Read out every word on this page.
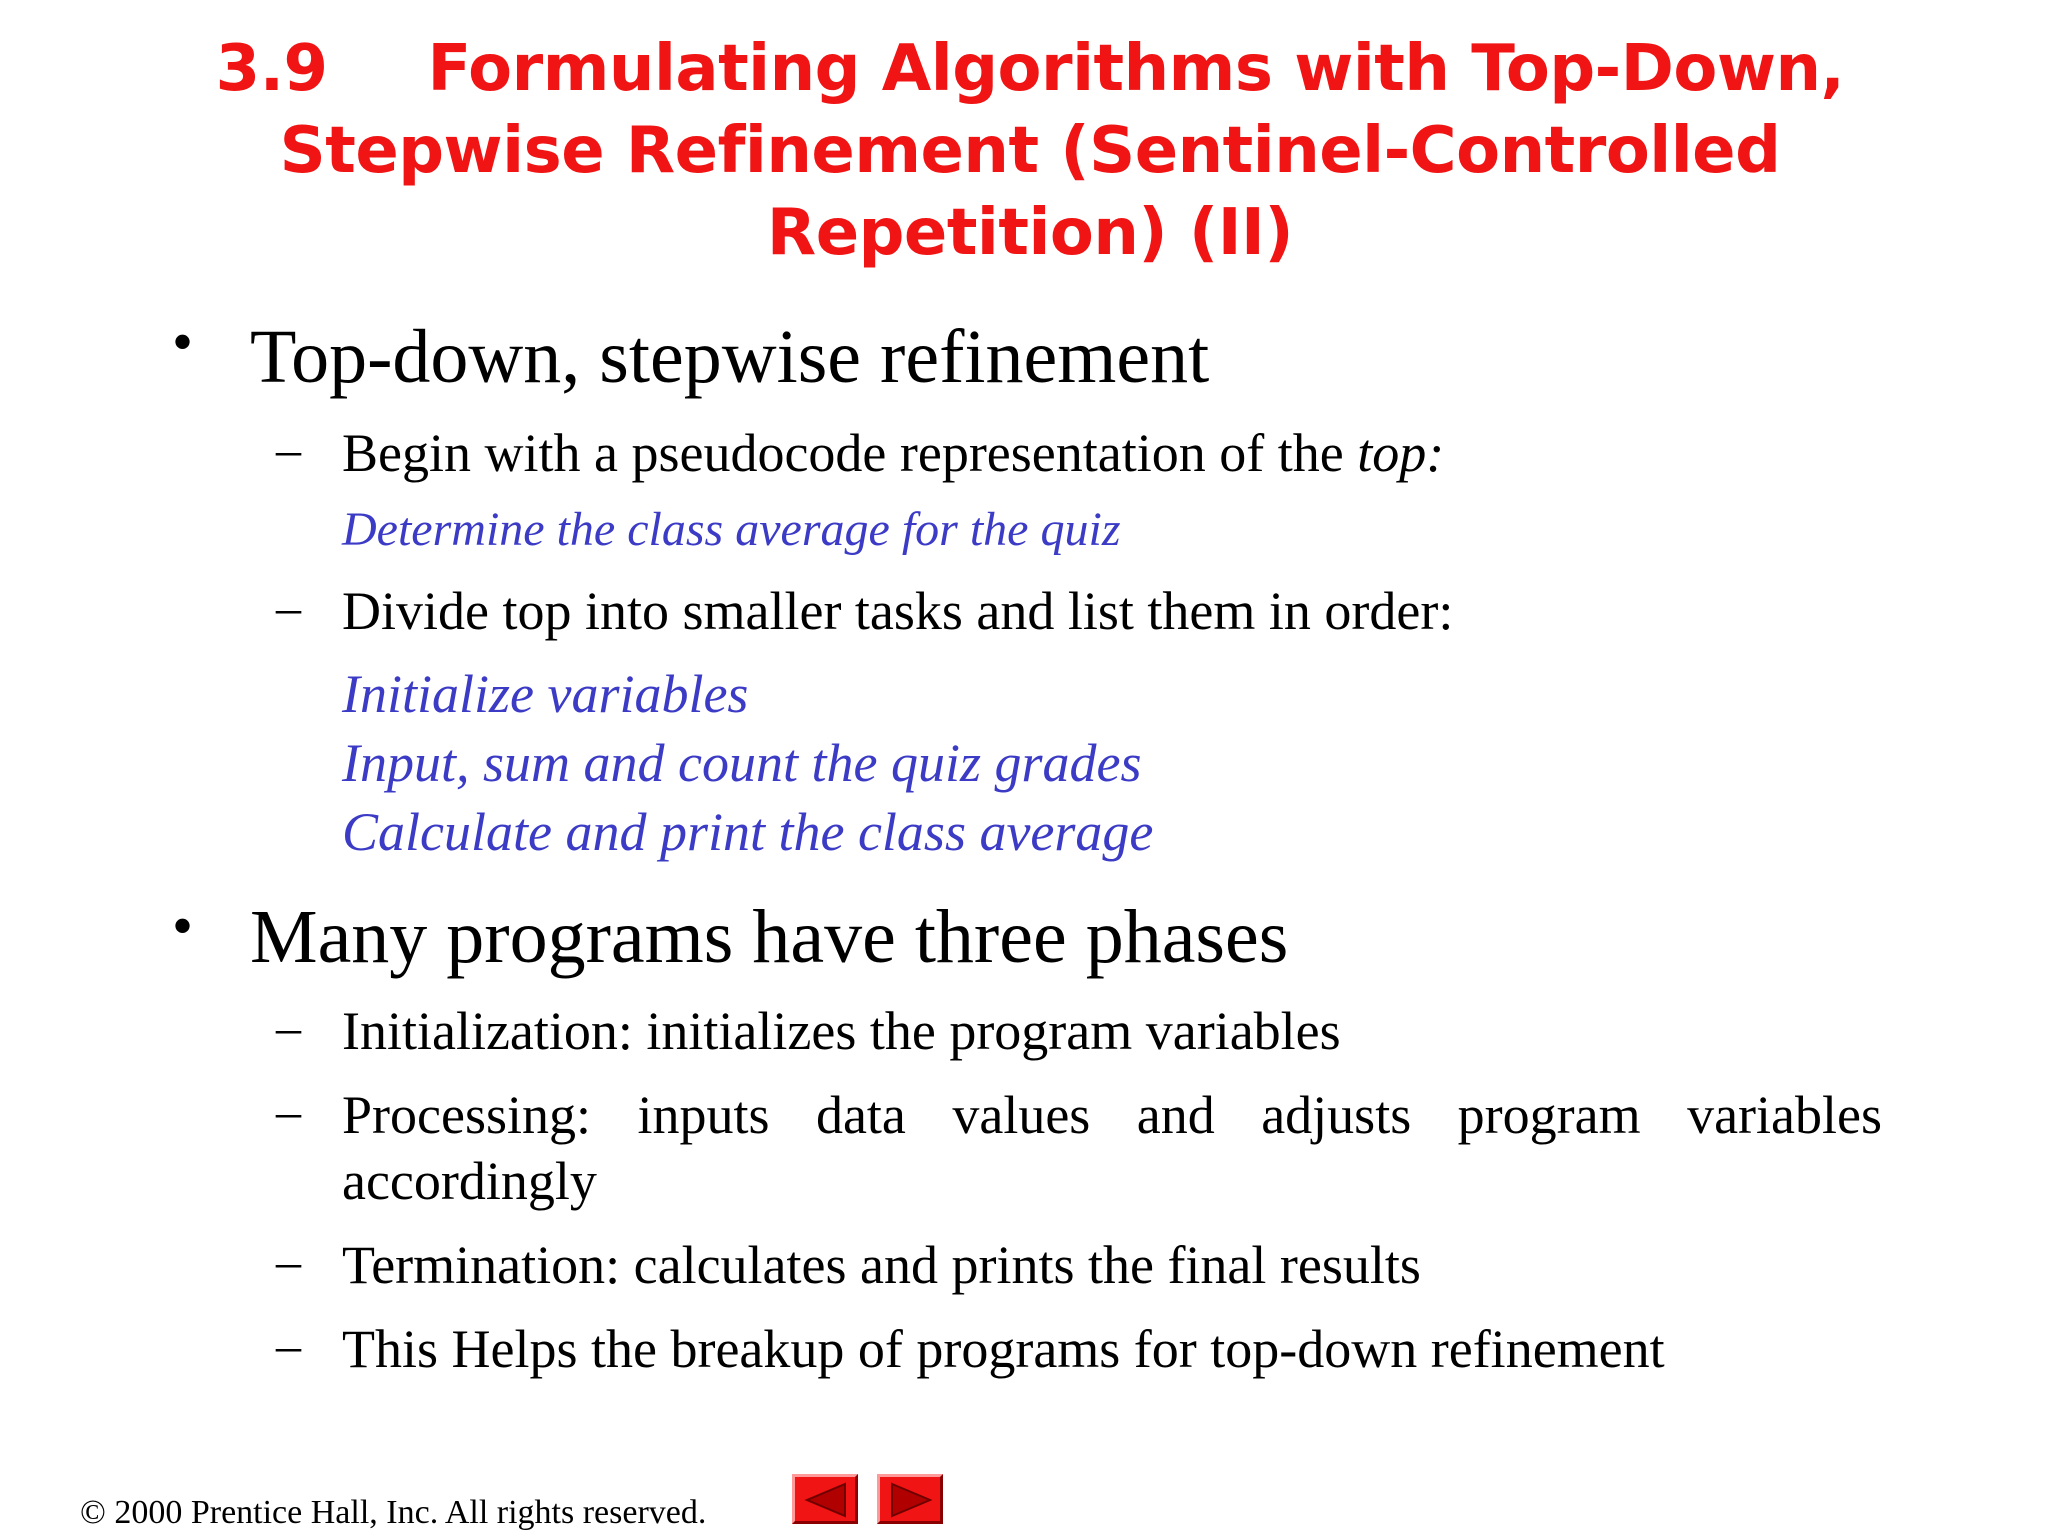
3.9 Formulating Algorithms with Top-Down,
Stepwise Refinement (Sentinel-Controlled
Repetition) (II)
• Top-down, stepwise refinement
– Begin with a pseudocode representation of the top:
Determine the class average for the quiz
– Divide top into smaller tasks and list them in order:
Initialize variables
Input, sum and count the quiz grades
Calculate and print the class average
• Many programs have three phases
– Initialization: initializes the program variables
– Processing: inputs data values and adjusts program variables accordingly
– Termination: calculates and prints the final results
– This Helps the breakup of programs for top-down refinement
© 2000 Prentice Hall, Inc. All rights reserved.
